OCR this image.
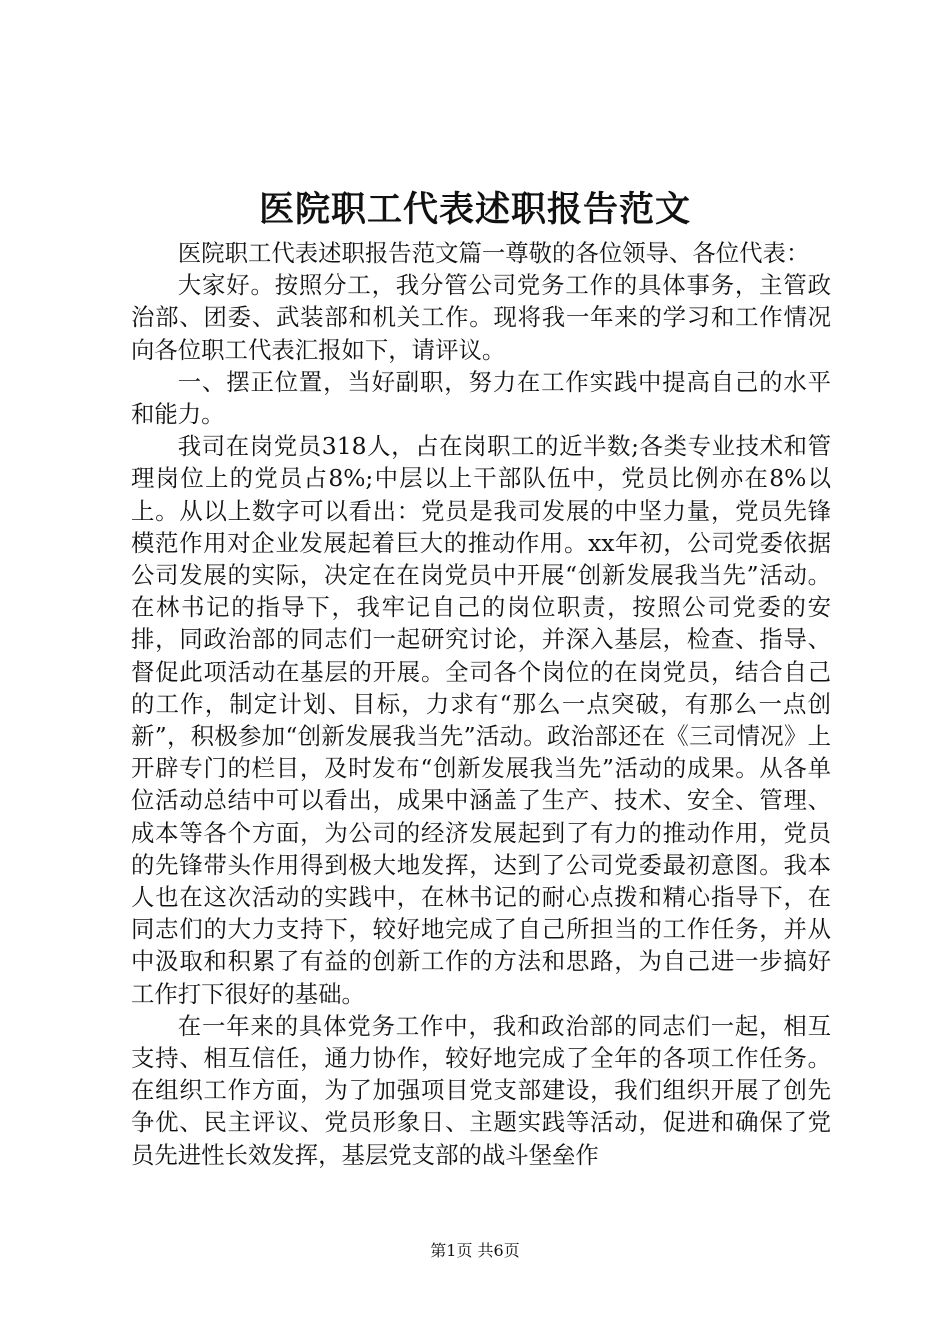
医院职工代表述职报告范文

医院职工代表述职报告范文篇一尊敬的各位领导、各位代表：

大家好。按照分工，我分管公司党务工作的具体事务，主管政治部、团委、武装部和机关工作。现将我一年来的学习和工作情况向各位职工代表汇报如下，请评议。

一、摆正位置，当好副职，努力在工作实践中提高自己的水平和能力。

我司在岗党员318人，占在岗职工的近半数;各类专业技术和管理岗位上的党员占8%;中层以上干部队伍中，党员比例亦在8%以上。从以上数字可以看出：党员是我司发展的中坚力量，党员先锋模范作用对企业发展起着巨大的推动作用。xx年初，公司党委依据公司发展的实际，决定在在岗党员中开展“创新发展我当先”活动。在林书记的指导下，我牢记自己的岗位职责，按照公司党委的安排，同政治部的同志们一起研究讨论，并深入基层，检查、指导、督促此项活动在基层的开展。全司各个岗位的在岗党员，结合自己的工作，制定计划、目标，力求有“那么一点突破，有那么一点创新”，积极参加“创新发展我当先”活动。政治部还在《三司情况》上开辟专门的栏目，及时发布“创新发展我当先”活动的成果。从各单位活动总结中可以看出，成果中涵盖了生产、技术、安全、管理、成本等各个方面，为公司的经济发展起到了有力的推动作用，党员的先锋带头作用得到极大地发挥，达到了公司党委最初意图。我本人也在这次活动的实践中，在林书记的耐心点拨和精心指导下，在同志们的大力支持下，较好地完成了自己所担当的工作任务，并从中汲取和积累了有益的创新工作的方法和思路，为自己进一步搞好工作打下很好的基础。

在一年来的具体党务工作中，我和政治部的同志们一起，相互支持、相互信任，通力协作，较好地完成了全年的各项工作任务。在组织工作方面，为了加强项目党支部建设，我们组织开展了创先争优、民主评议、党员形象日、主题实践等活动，促进和确保了党员先进性长效发挥，基层党支部的战斗堡垒作

第1页 共6页
